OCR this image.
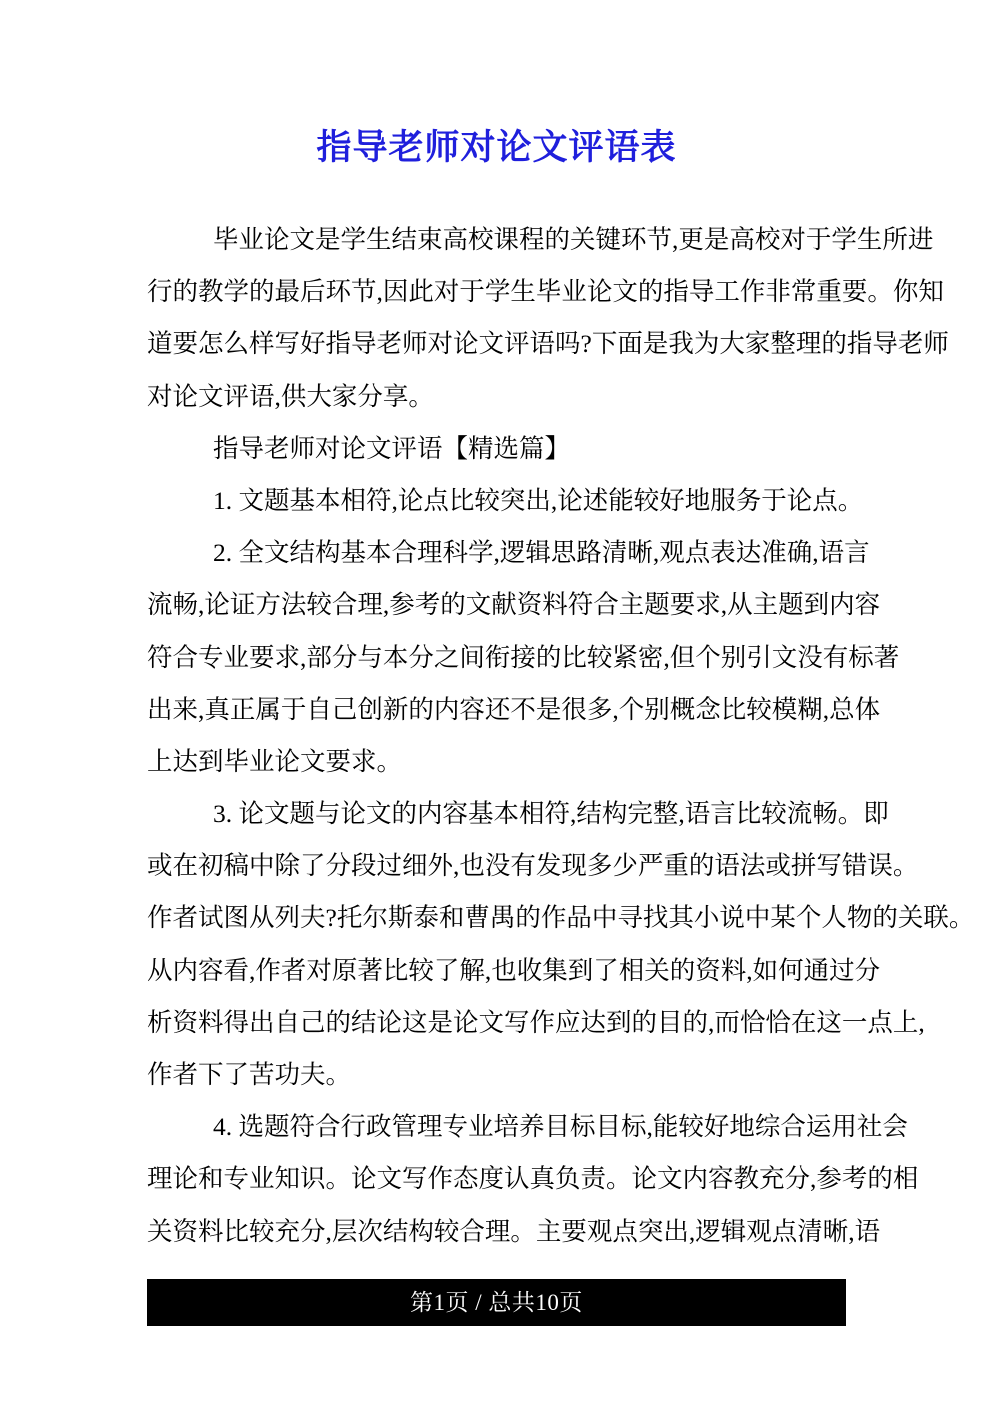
指导老师对论文评语表
毕业论文是学生结束高校课程的关键环节,更是高校对于学生所进
行的教学的最后环节,因此对于学生毕业论文的指导工作非常重要。你知
道要怎么样写好指导老师对论文评语吗?下面是我为大家整理的指导老师
对论文评语,供大家分享。
指导老师对论文评语【精选篇】
1. 文题基本相符,论点比较突出,论述能较好地服务于论点。
2. 全文结构基本合理科学,逻辑思路清晰,观点表达准确,语言
流畅,论证方法较合理,参考的文献资料符合主题要求,从主题到内容
符合专业要求,部分与本分之间衔接的比较紧密,但个别引文没有标著
出来,真正属于自己创新的内容还不是很多,个别概念比较模糊,总体
上达到毕业论文要求。
3. 论文题与论文的内容基本相符,结构完整,语言比较流畅。即
或在初稿中除了分段过细外,也没有发现多少严重的语法或拼写错误。
作者试图从列夫?托尔斯泰和曹禺的作品中寻找其小说中某个人物的关联。
从内容看,作者对原著比较了解,也收集到了相关的资料,如何通过分
析资料得出自己的结论这是论文写作应达到的目的,而恰恰在这一点上,
作者下了苦功夫。
4. 选题符合行政管理专业培养目标目标,能较好地综合运用社会
理论和专业知识。论文写作态度认真负责。论文内容教充分,参考的相
关资料比较充分,层次结构较合理。主要观点突出,逻辑观点清晰,语
第1页 / 总共10页
